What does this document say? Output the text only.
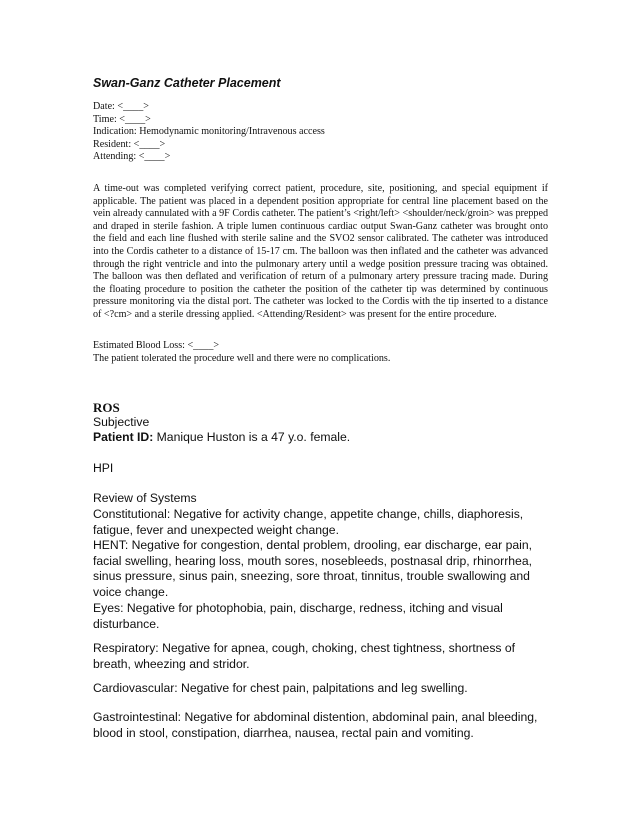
Swan-Ganz Catheter Placement
Date: <____>
Time: <____>
Indication: Hemodynamic monitoring/Intravenous access
Resident: <____>
Attending: <____>

A time-out was completed verifying correct patient, procedure, site, positioning, and special equipment if applicable. The patient was placed in a dependent position appropriate for central line placement based on the vein already cannulated with a 9F Cordis catheter. The patient’s <right/left> <shoulder/neck/groin> was prepped and draped in sterile fashion. A triple lumen continuous cardiac output Swan-Ganz catheter was brought onto the field and each line flushed with sterile saline and the SVO2 sensor calibrated. The catheter was introduced into the Cordis catheter to a distance of 15-17 cm. The balloon was then inflated and the catheter was advanced through the right ventricle and into the pulmonary artery until a wedge position pressure tracing was obtained. The balloon was then deflated and verification of return of a pulmonary artery pressure tracing made. During the floating procedure to position the catheter the position of the catheter tip was determined by continuous pressure monitoring via the distal port. The catheter was locked to the Cordis with the tip inserted to a distance of <?cm> and a sterile dressing applied. <Attending/Resident> was present for the entire procedure.

Estimated Blood Loss: <____>
The patient tolerated the procedure well and there were no complications.
ROS
Subjective
Patient ID: Manique Huston is a 47 y.o. female.
HPI
Review of Systems

Constitutional: Negative for activity change, appetite change, chills, diaphoresis, fatigue, fever and unexpected weight change.

HENT: Negative for congestion, dental problem, drooling, ear discharge, ear pain, facial swelling, hearing loss, mouth sores, nosebleeds, postnasal drip, rhinorrhea, sinus pressure, sinus pain, sneezing, sore throat, tinnitus, trouble swallowing and voice change.

Eyes: Negative for photophobia, pain, discharge, redness, itching and visual disturbance.

Respiratory: Negative for apnea, cough, choking, chest tightness, shortness of breath, wheezing and stridor.

Cardiovascular: Negative for chest pain, palpitations and leg swelling.

Gastrointestinal: Negative for abdominal distention, abdominal pain, anal bleeding, blood in stool, constipation, diarrhea, nausea, rectal pain and vomiting.
